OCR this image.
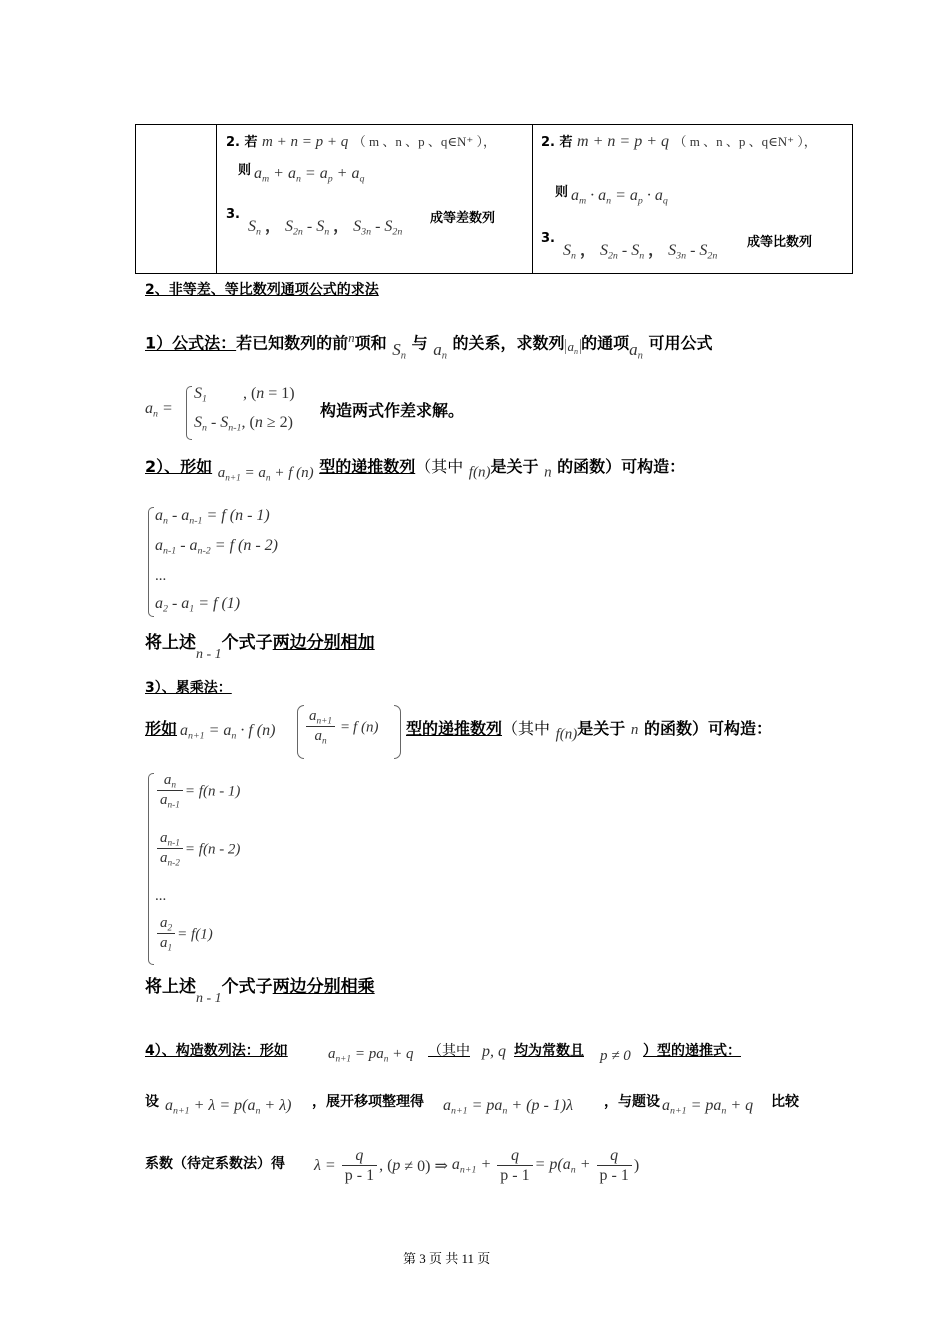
2. 若 m + n = p + q （ m 、n 、p 、q∈N⁺ ），
则 $a_m + a_n = a_p + a_q$
3.
$S_n$ ， $S_{2n} - S_n$ ， $S_{3n} - S_{2n}$
成等差数列
2. 若 m + n = p + q （ m 、n 、p 、q∈N⁺ ），
则 $a_m \cdot a_n = a_p \cdot a_q$
3.
$S_n$ ， $S_{2n} - S_n$ ， $S_{3n} - S_{2n}$
成等比数列
2、非等差、等比数列通项公式的求法
1）公式法：若已知数列的前$^n$项和 $S_n$ 与 $a_n$ 的关系，求数列 $a_n$ 的通项$a_n$ 可用公式
$a_n$ =
$S_1$ , (n = 1)
$S_n - S_{n-1}$, (n ≥ 2)
构造两式作差求解。
2）、形如 $a_{n+1} = a_n + f$ (n) 型的递推数列（其中 f(n)是关于 n 的函数）可构造：
$a_n - a_{n-1} = f$ (n - 1)
$a_{n-1} - a_{n-2} = f$ (n - 2)
...
$a_2 - a_1 = f$ (1)
将上述$_{n - 1}$个式子两边分别相加
3）、累乘法：
形如 $a_{n+1} = a_n \cdot f$ $(n) \frac{a_{n+1}}{a_n} = f$ (n) 型的递推数列（其中 f(n)是关于 n 的函数）可构造：
$\frac{a_n}{a_{n-1}} = f(n - 1)$
$\frac{a_{n-1}}{a_{n-2}} = f(n - 2)$
...
$\frac{a_2}{a_1} = f(1)$
将上述$_{n - 1}$个式子两边分别相乘
4）、构造数列法：形如	$a_{n+1} = pa_n + q$ （其中 p, q 均为常数且 p ≠ 0 ）型的递推式：
设 $a_{n+1} + \lambda = p(a_n + \lambda)$ ，展开移项整理得 $a_{n+1} = pa_n + (p - 1)\lambda$ ，与题设 $a_{n+1} = pa_n + q$ 比较
系数（待定系数法）得 $\lambda = \frac{q}{p - 1}$ , (p ≠ 0) ⇒ $a_{n+1} + \frac{q}{p - 1} = p(a_n + \frac{q}{p - 1}$ )
第 3 页 共 11 页
